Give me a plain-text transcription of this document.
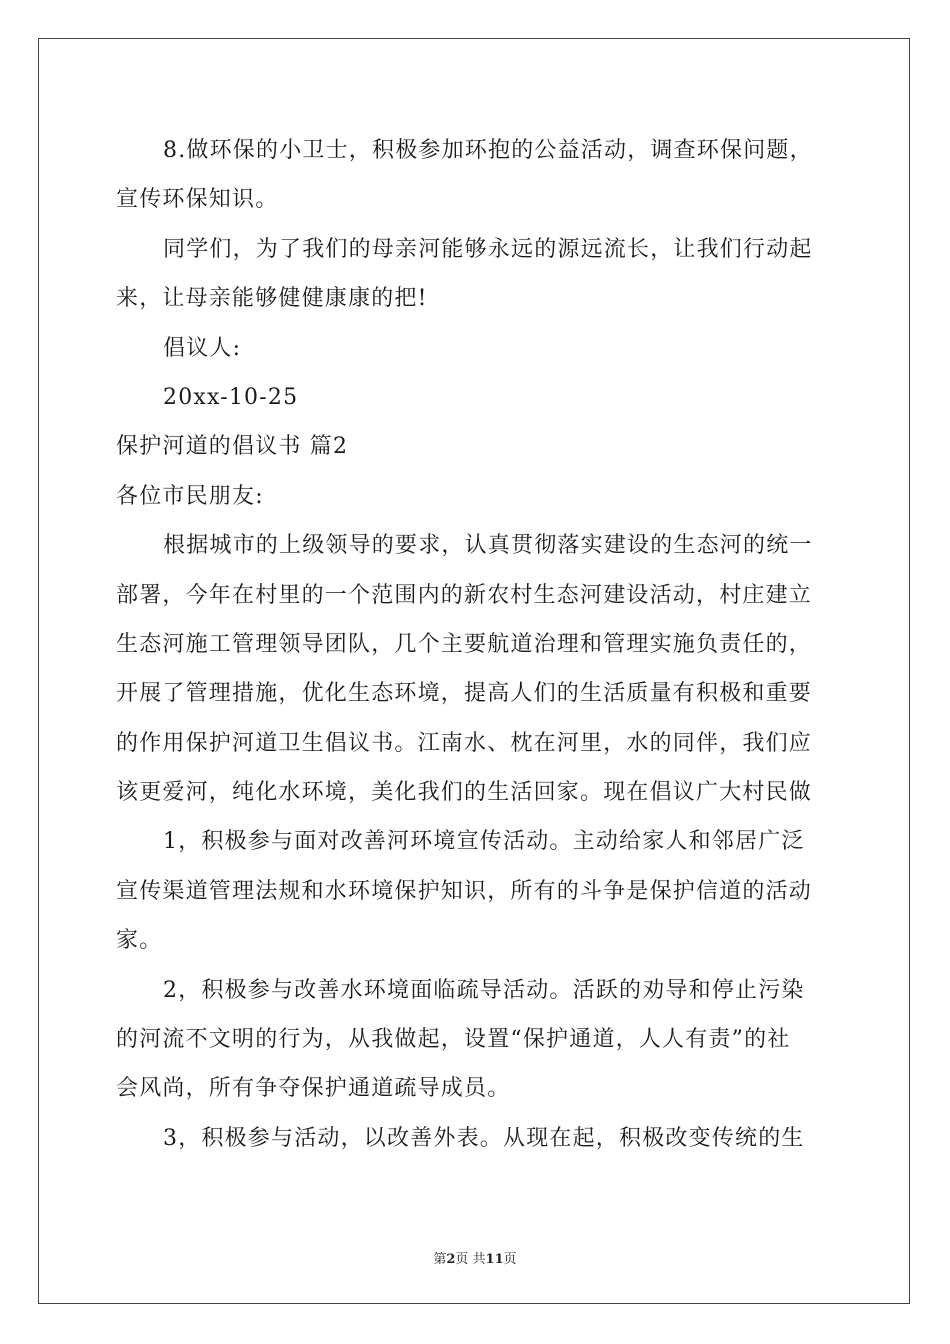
8.做环保的小卫士，积极参加环抱的公益活动，调查环保问题，
宣传环保知识。
同学们，为了我们的母亲河能够永远的源远流长，让我们行动起
来，让母亲能够健健康康的把!
倡议人:
20xx-10-25
保护河道的倡议书 篇2
各位市民朋友:
根据城市的上级领导的要求，认真贯彻落实建设的生态河的统一
部署，今年在村里的一个范围内的新农村生态河建设活动，村庄建立
生态河施工管理领导团队，几个主要航道治理和管理实施负责任的，
开展了管理措施，优化生态环境，提高人们的生活质量有积极和重要
的作用保护河道卫生倡议书。江南水、枕在河里，水的同伴，我们应
该更爱河，纯化水环境，美化我们的生活回家。现在倡议广大村民做
1，积极参与面对改善河环境宣传活动。主动给家人和邻居广泛
宣传渠道管理法规和水环境保护知识，所有的斗争是保护信道的活动
家。
2，积极参与改善水环境面临疏导活动。活跃的劝导和停止污染
的河流不文明的行为，从我做起，设置“保护通道，人人有责”的社
会风尚，所有争夺保护通道疏导成员。
3，积极参与活动，以改善外表。从现在起，积极改变传统的生
第2页 共11页
